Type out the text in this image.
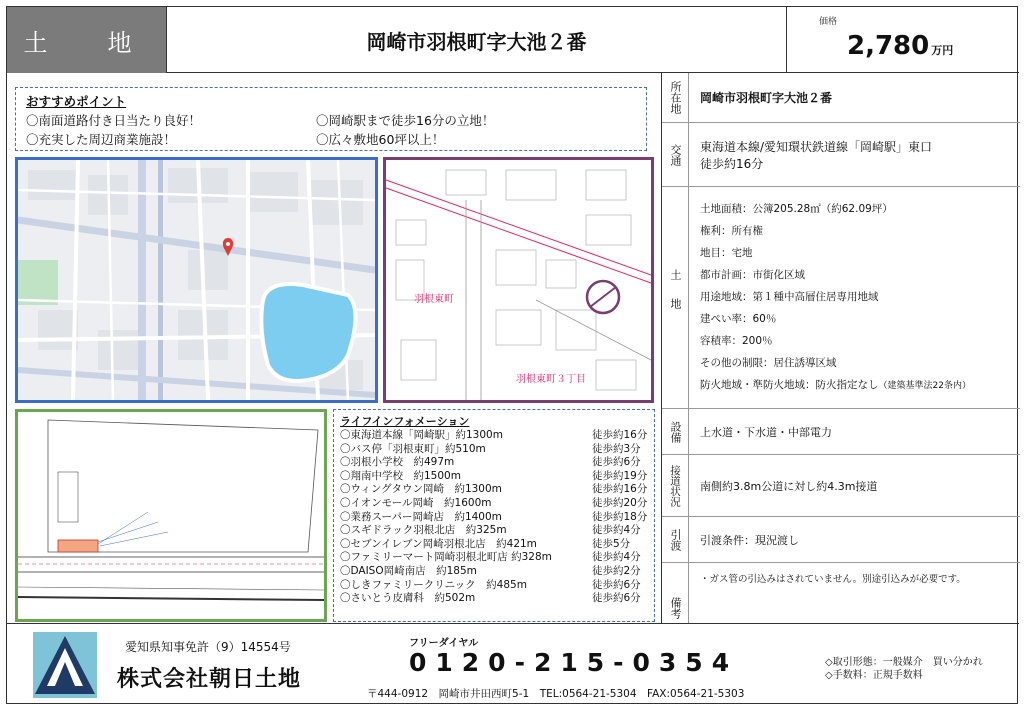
土　地	岡崎市羽根町字大池２番
価格
2,780 万円
おすすめポイント
〇南面道路付き日当たり良好！	〇岡崎駅まで徒歩16分の立地！
〇充実した周辺商業施設！	〇広々敷地60坪以上！
羽根東町
羽根東町３丁目
ライフインフォメーション
〇東海道本線「岡崎駅」約1300m	徒歩約16分
〇バス停「羽根東町」約510m	徒歩約3分
〇羽根小学校　約497m	徒歩約6分
〇翔南中学校　約1500m	徒歩約19分
〇ウィングタウン岡崎　約1300m	徒歩約16分
〇イオンモール岡崎　約1600m	徒歩約20分
〇業務スーパー岡崎店　約1400m	徒歩約18分
〇スギドラック羽根北店　約325m	徒歩約4分
〇セブンイレブン岡崎羽根北店　約421m	徒歩5分
〇ファミリーマート岡崎羽根北町店 約328m	徒歩約4分
〇DAISO岡崎南店　約185m	徒歩約2分
〇しきファミリークリニック　約485m	徒歩約6分
〇さいとう皮膚科　約502m	徒歩約6分
所在地 岡崎市羽根町字大池２番
交通 東海道本線/愛知環状鉄道線「岡崎駅」東口
徒歩約16分
土地
土地面積：公簿205.28㎡（約62.09坪）
権利：所有権
地目：宅地
都市計画：市街化区域
用途地域：第１種中高層住居専用地域
建ぺい率：60％
容積率：200％
その他の制限：居住誘導区域
防火地域・準防火地域：防火指定なし（建築基準法22条内）
設備 上水道・下水道・中部電力
接道状況 南側約3.8m公道に対し約4.3m接道
引渡 引渡条件：現況渡し
備考
・ガス管の引込みはされていません。別途引込みが必要です。
愛知県知事免許（9）14554号
株式会社朝日土地
フリーダイヤル
0120-215-0354
〒444-0912　岡崎市井田西町5-1　TEL:0564-21-5304　FAX:0564-21-5303
◇取引形態：一般媒介　買い分かれ
◇手数料：正規手数料
